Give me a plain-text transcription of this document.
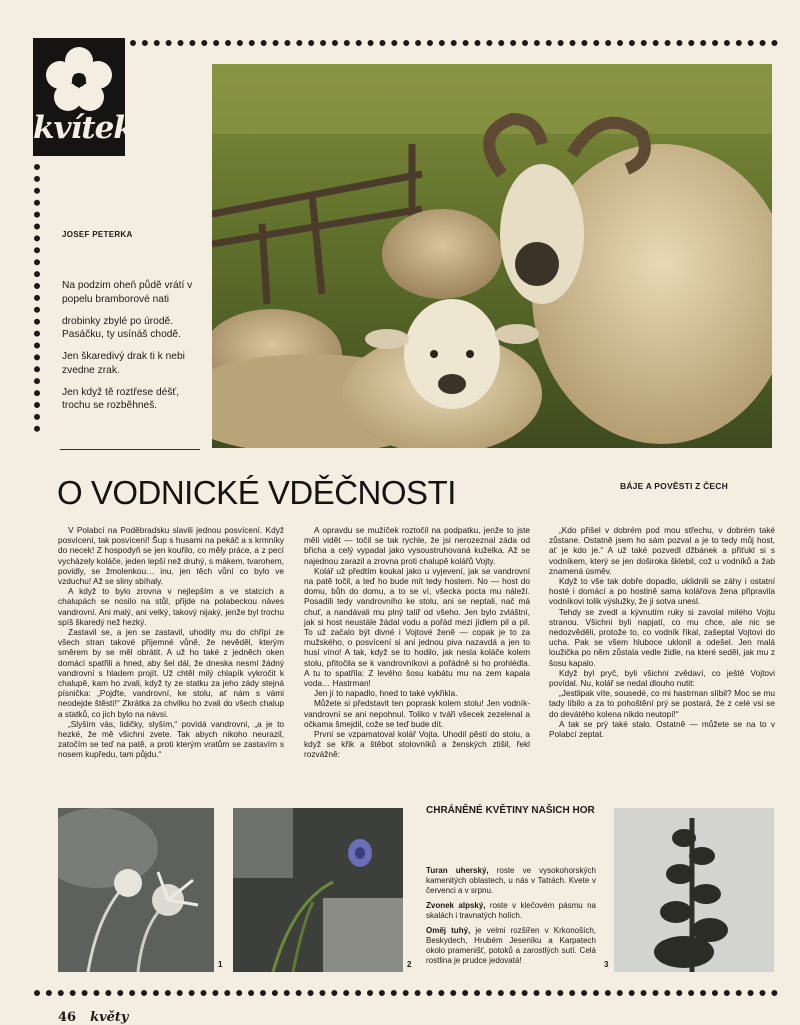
kvítek
JOSEF PETERKA

Na podzim oheň půdě vrátí v popelu bramborové nati

drobinky zbylé po úrodě. Pasáčku, ty usínáš chodě.

Jen škaredivý drak ti k nebi zvedne zrak.

Jen když tě roztřese déšť, trochu se rozběhneš.

O VODNICKÉ VDĚČNOSTI	BÁJE A POVĚSTI Z ČECH

V Polabcí na Poděbradsku slavili jednou posvícení. Když posvícení, tak posvícení! Šup s husami na pekáč a s krmníky do necek! Z hospodyň se jen kouřilo, co měly práce, a z pecí vycházely koláče, jeden lepší než druhý, s mákem, tvarohem, povidly, se žmolenkou… inu, jen těch vůní co bylo ve vzduchu! Až se sliny sbíhaly.

A když to bylo zrovna v nejlepším a ve statcích a chalupách se nosilo na stůl, přijde na polabeckou náves vandrovní. Ani malý, ani velký, takový nijaký, jenže byl trochu spíš škaredý než hezký.

Zastavil se, a jen se zastavil, uhodily mu do chřípí ze všech stran takové příjemné vůně, že nevěděl, kterým směrem by se měl obrátit. A už ho také z jedněch oken domácí spatřili a hned, aby šel dál, že dneska nesmí žádný vandrovní s hladem projít. Už chtěl milý chlapík vykročit k chalupě, kam ho zvali, když ty ze statku za jeho zády stejná písnička: „Pojďte, vandrovní, ke stolu, ať nám s vámi neodejde štěstí!“ Zkrátka za chvilku ho zvali do všech chalup a statků, co jich bylo na návsi.

„Slyším vás, lidičky, slyším,“ povídá vandrovní, „a je to hezké, že mě všichni zvete. Tak abych nikoho neurazil, zatočím se teď na patě, a proti kterým vratům se zastavím s nosem kupředu, tam půjdu.“

A opravdu se mužíček roztočil na podpatku, jenže to jste měli vidět — točil se tak rychle, že jsi nerozeznal záda od břicha a celý vypadal jako vysoustruhovaná kuželka. Až se najednou zarazil a zrovna proti chalupě kolářů Vojty.

Kolář už předtím koukal jako u vyjevení, jak se vandrovní na patě točil, a teď ho bude mít tedy hostem. No — host do domu, bůh do domu, a to se ví, všecka pocta mu náleží. Posadili tedy vandrovního ke stolu, ani se neptali, nač má chuť, a nandávali mu plný talíř od všeho. Jen bylo zvláštní, jak si host neustále žádal vodu a pořád mezi jídlem pil a pil. To už začalo být divné i Vojtové ženě — copak je to za mužského, o posvícení si ani jednou piva nazavdá a jen to husí víno! A tak, když se to hodilo, jak nesla koláče kolem stolu, přitočila se k vandrovníkovi a pořádně si ho prohlédla. A tu to spatřila: Z levého šosu kabátu mu na zem kapala voda… Hastrman!

Jen jí to napadlo, hned to také vykřikla.

Můžete si představit ten poprask kolem stolu! Jen vodník-vandrovní se ani nepohnul. Toliko v tváři všecek zezelenal a očkama šmejdil, cože se teď bude dít.

První se vzpamatoval kolář Vojta. Uhodil pěstí do stolu, a když se křik a štěbot stolovníků a ženských ztišil, řekl rozvážně:

„Kdo přišel v dobrém pod mou střechu, v dobrém také zůstane. Ostatně jsem ho sám pozval a je to tedy můj host, ať je kdo je.“ A už také pozvedl džbánek a přiťukl si s vodníkem, který se jen doširoka šklebil, což u vodníků a žab znamená úsměv.

Když to vše tak dobře dopadlo, uklidnili se záhy i ostatní hosté i domácí a po hostině sama kolářova žena připravila vodníkovi tolik výslužky, že ji sotva unesl.

Tehdy se zvedl a kývnutím ruky si zavolal milého Vojtu stranou. Všichni byli napjatí, co mu chce, ale nic se nedozvěděli, protože to, co vodník říkal, zašeptal Vojtovi do ucha. Pak se všem hluboce uklonil a odešel. Jen malá loužička po něm zůstala vedle židle, na které seděl, jak mu z šosu kapalo.

Když byl pryč, byli všichni zvědaví, co ještě Vojtovi povídal. Nu, kolář se nedal dlouho nutit:

„Jestlipak víte, sousedé, co mi hastrman slíbil? Moc se mu tady líbilo a za to pohoštění prý se postará, že z celé vsi se do devátého kolena nikdo neutopí!“

A tak se prý také stalo. Ostatně — můžete se na to v Polabcí zeptat.

1	2
CHRÁNĚNÉ KVĚTINY NAŠICH HOR

Turan uherský, roste ve vysokohorských kamenitých oblastech, u nás v Tatrách. Kvete v červenci a v srpnu.

Zvonek alpský, roste v klečovém pásmu na skalách i travnatých holích.

Oměj tuhý, je velmi rozšířen v Krkonoších, Beskydech, Hrubém Jeseníku a Karpatech okolo pramenišť, potoků a zarostlých sutí. Celá rostlina je prudce jedovatá!	3
46 květy
